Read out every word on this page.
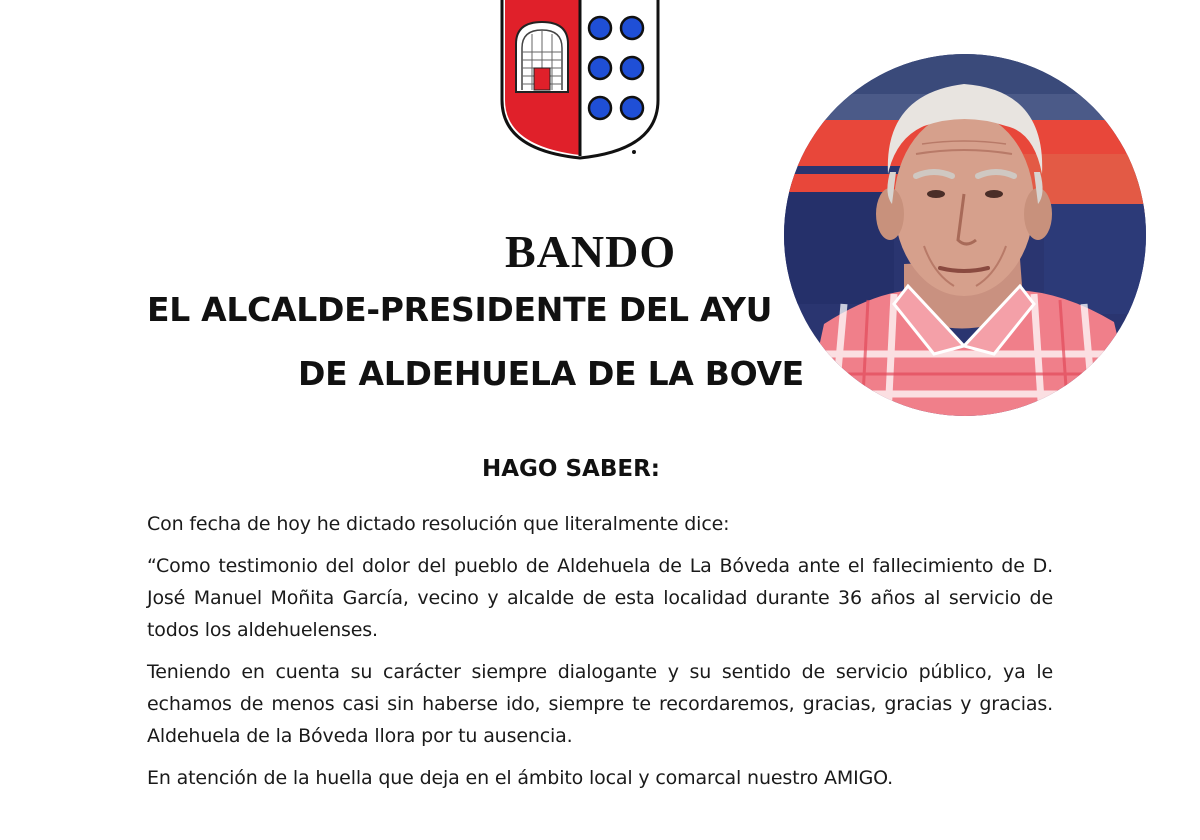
BANDO
EL ALCALDE-PRESIDENTE DEL AYU
DE ALDEHUELA DE LA BOVE
HAGO SABER:

Con fecha de hoy he dictado resolución que literalmente dice:

“Como testimonio del dolor del pueblo de Aldehuela de La Bóveda ante el fallecimiento de D. José Manuel Moñita García, vecino y alcalde de esta localidad durante 36 años al servicio de todos los aldehuelenses.

Teniendo en cuenta su carácter siempre dialogante y su sentido de servicio público, ya le echamos de menos casi sin haberse ido, siempre te recordaremos, gracias, gracias y gracias. Aldehuela de la Bóveda llora por tu ausencia.

En atención de la huella que deja en el ámbito local y comarcal nuestro AMIGO.
